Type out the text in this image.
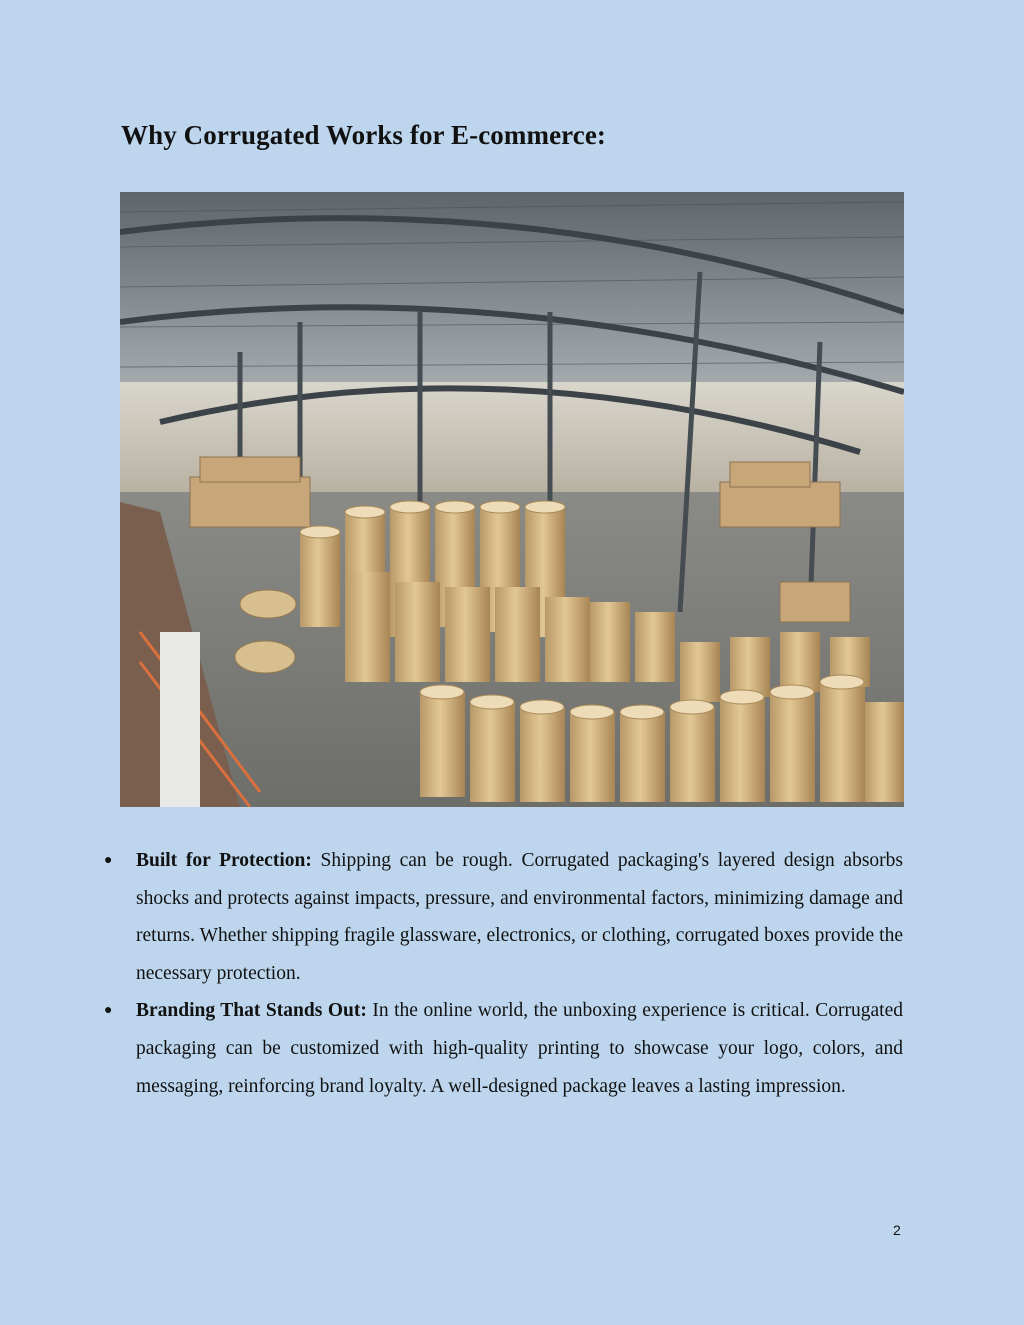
Why Corrugated Works for E-commerce:
● Built for Protection: Shipping can be rough. Corrugated packaging's layered design absorbs shocks and protects against impacts, pressure, and environmental factors, minimizing damage and returns. Whether shipping fragile glassware, electronics, or clothing, corrugated boxes provide the necessary protection.
● Branding That Stands Out: In the online world, the unboxing experience is critical. Corrugated packaging can be customized with high-quality printing to showcase your logo, colors, and messaging, reinforcing brand loyalty. A well-designed package leaves a lasting impression.
2
